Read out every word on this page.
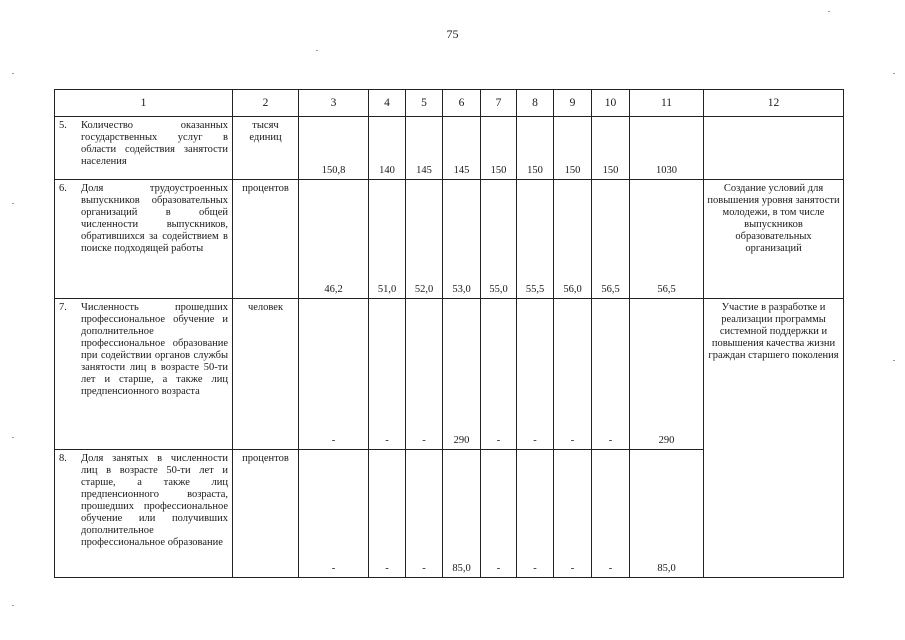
75
1	2	3	4	5	6	7	8	9	10	11	12

5. Количество оказанных государственных услуг в области содействия занятости населения	тысяч единиц	150,8	140	145	145	150	150	150	150	1030	

6. Доля трудоустроенных выпускников образовательных организаций в общей численности выпускников, обратившихся за содействием в поиске подходящей работы	процентов	46,2	51,0	52,0	53,0	55,0	55,5	56,0	56,5	56,5	Создание условий для повышения уровня занятости молодежи, в том числе выпускников образовательных организаций

7. Численность прошедших профессиональное обучение и дополнительное профессиональное образование при содействии органов службы занятости лиц в возрасте 50-ти лет и старше, а также лиц предпенсионного возраста	человек	-	-	-	290	-	-	-	-	290	Участие в разработке и реализации программы системной поддержки и повышения качества жизни граждан старшего поколения

8. Доля занятых в численности лиц в возрасте 50-ти лет и старше, а также лиц предпенсионного возраста, прошедших профессиональное обучение или получивших дополнительное профессиональное образование	процентов	-	-	-	85,0	-	-	-	-	85,0	
